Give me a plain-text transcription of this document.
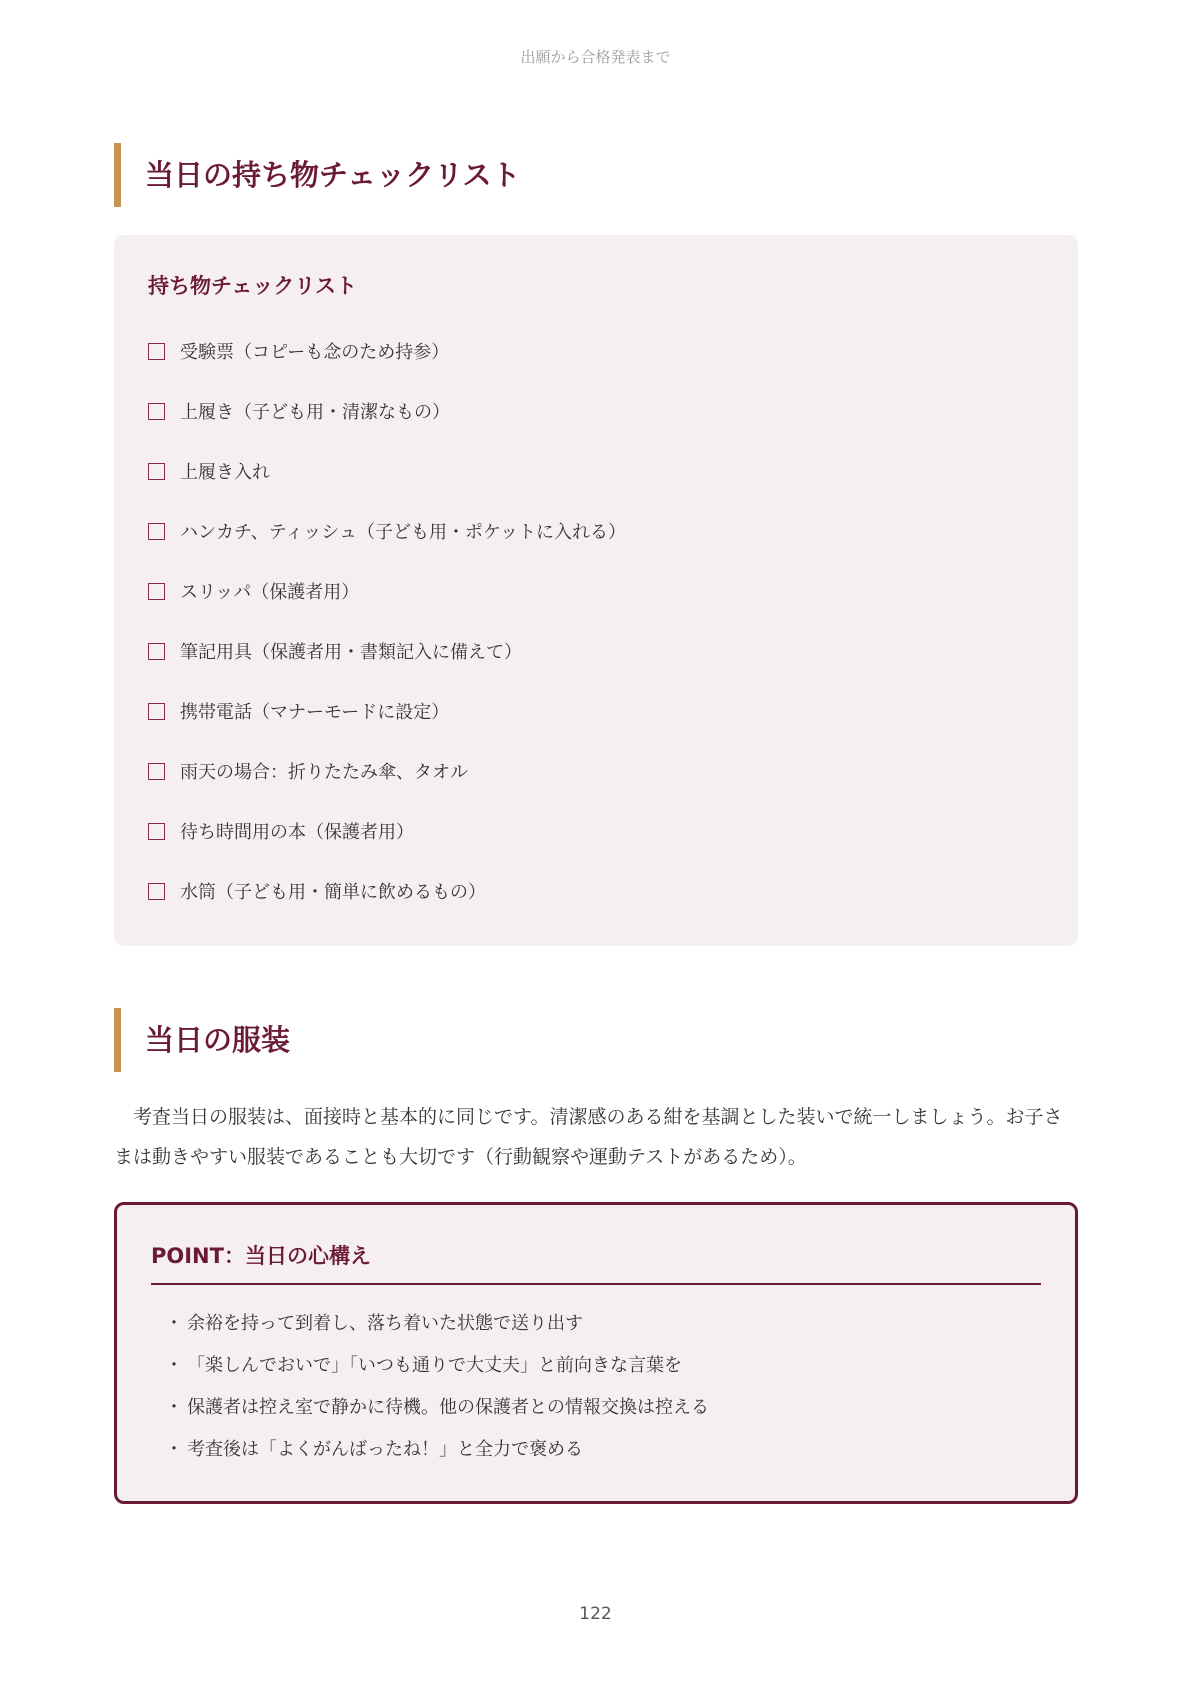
出願から合格発表まで
当日の持ち物チェックリスト
持ち物チェックリスト
受験票（コピーも念のため持参）
上履き（子ども用・清潔なもの）
上履き入れ
ハンカチ、ティッシュ（子ども用・ポケットに入れる）
スリッパ（保護者用）
筆記用具（保護者用・書類記入に備えて）
携帯電話（マナーモードに設定）
雨天の場合：折りたたみ傘、タオル
待ち時間用の本（保護者用）
水筒（子ども用・簡単に飲めるもの）
当日の服装

考査当日の服装は、面接時と基本的に同じです。清潔感のある紺を基調とした装いで統一しましょう。お子さまは動きやすい服装であることも大切です（行動観察や運動テストがあるため）。

POINT：当日の心構え
・ 余裕を持って到着し、落ち着いた状態で送り出す
・ 「楽しんでおいで」「いつも通りで大丈夫」と前向きな言葉を
・ 保護者は控え室で静かに待機。他の保護者との情報交換は控える
・ 考査後は「よくがんばったね！」と全力で褒める
122
